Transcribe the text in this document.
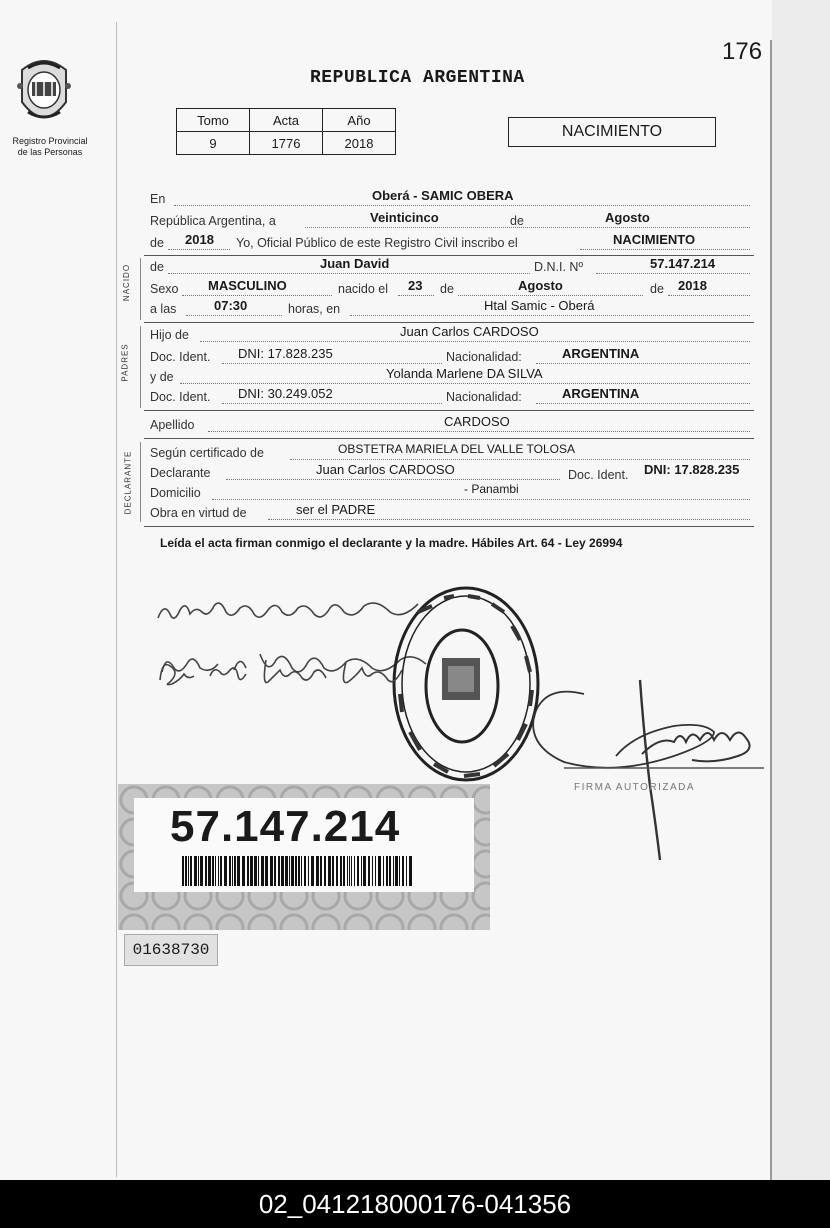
176
Registro Provincial
de las Personas
REPUBLICA ARGENTINA
Tomo	Acta	Año
9	1776	2018
NACIMIENTO
En	Oberá - SAMIC OBERA
República Argentina, a	Veinticinco	de	Agosto
de 2018 Yo, Oficial Público de este Registro Civil inscribo el	NACIMIENTO
NACIDO de	Juan David	D.N.I. Nº	57.147.214
Sexo MASCULINO	nacido el 23 de	Agosto	de 2018
a las	07:30	horas, en	Htal Samic - Oberá
PADRES
Hijo de	Juan Carlos CARDOSO
Doc. Ident. DNI: 17.828.235	Nacionalidad:	ARGENTINA
y de	Yolanda Marlene DA SILVA
Doc. Ident. DNI: 30.249.052	Nacionalidad:	ARGENTINA
Apellido	CARDOSO
DECLARANTE Según certificado de	OBSTETRA MARIELA DEL VALLE TOLOSA
Declarante	Juan Carlos CARDOSO	Doc. Ident. DNI: 17.828.235
Domicilio	- Panambi
Obra en virtud de	ser el PADRE
Leída el acta firman conmigo el declarante y la madre. Hábiles Art. 64 - Ley 26994
FIRMA AUTORIZADA
57.147.214
01638730
02_041218000176-041356
